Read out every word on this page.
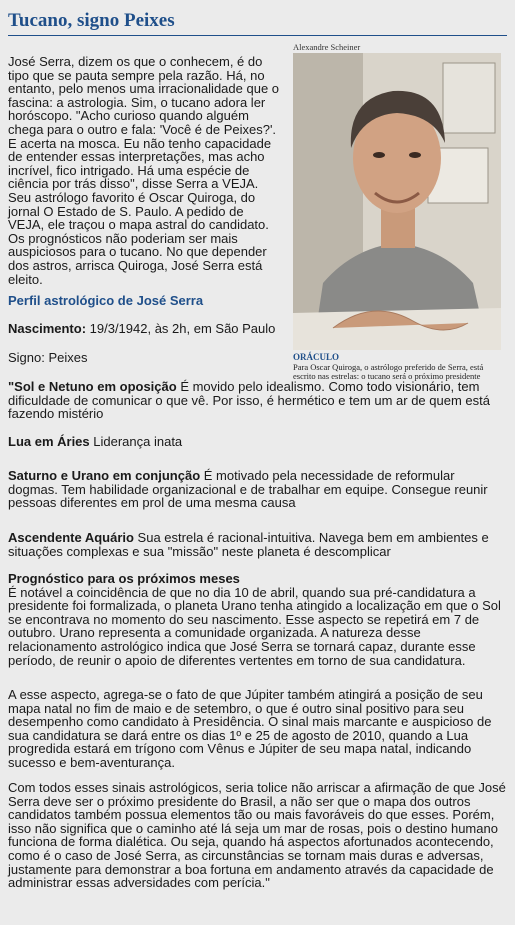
Tucano, signo Peixes

José Serra, dizem os que o conhecem, é do tipo que se pauta sempre pela razão. Há, no entanto, pelo menos uma irracionalidade que o fascina: a astrologia. Sim, o tucano adora ler horóscopo. "Acho curioso quando alguém chega para o outro e fala: 'Você é de Peixes?'. E acerta na mosca. Eu não tenho capacidade de entender essas interpretações, mas acho incrível, fico intrigado. Há uma espécie de ciência por trás disso", disse Serra a VEJA. Seu astrólogo favorito é Oscar Quiroga, do jornal O Estado de S. Paulo. A pedido de VEJA, ele traçou o mapa astral do candidato. Os prognósticos não poderiam ser mais auspiciosos para o tucano. No que depender dos astros, arrisca Quiroga, José Serra está eleito.

Alexandre Scheiner
ORÁCULO
Para Oscar Quiroga, o astrólogo preferido de Serra, está escrito nas estrelas: o tucano será o próximo presidente
Perfil astrológico de José Serra

Nascimento: 19/3/1942, às 2h, em São Paulo

Signo: Peixes

"Sol e Netuno em oposição É movido pelo idealismo. Como todo visionário, tem dificuldade de comunicar o que vê. Por isso, é hermético e tem um ar de quem está fazendo mistério

Lua em Áries Liderança inata

Saturno e Urano em conjunção É motivado pela necessidade de reformular dogmas. Tem habilidade organizacional e de trabalhar em equipe. Consegue reunir pessoas diferentes em prol de uma mesma causa

Ascendente Aquário Sua estrela é racional-intuitiva. Navega bem em ambientes e situações complexas e sua "missão" neste planeta é descomplicar

Prognóstico para os próximos meses
É notável a coincidência de que no dia 10 de abril, quando sua pré-candidatura a presidente foi formalizada, o planeta Urano tenha atingido a localização em que o Sol se encontrava no momento do seu nascimento. Esse aspecto se repetirá em 7 de outubro. Urano representa a comunidade organizada. A natureza desse relacionamento astrológico indica que José Serra se tornará capaz, durante esse período, de reunir o apoio de diferentes vertentes em torno de sua candidatura.

A esse aspecto, agrega-se o fato de que Júpiter também atingirá a posição de seu mapa natal no fim de maio e de setembro, o que é outro sinal positivo para seu desempenho como candidato à Presidência. O sinal mais marcante e auspicioso de sua candidatura se dará entre os dias 1º e 25 de agosto de 2010, quando a Lua progredida estará em trígono com Vênus e Júpiter de seu mapa natal, indicando sucesso e bem-aventurança.

Com todos esses sinais astrológicos, seria tolice não arriscar a afirmação de que José Serra deve ser o próximo presidente do Brasil, a não ser que o mapa dos outros candidatos também possua elementos tão ou mais favoráveis do que esses. Porém, isso não significa que o caminho até lá seja um mar de rosas, pois o destino humano funciona de forma dialética. Ou seja, quando há aspectos afortunados acontecendo, como é o caso de José Serra, as circunstâncias se tornam mais duras e adversas, justamente para demonstrar a boa fortuna em andamento através da capacidade de administrar essas adversidades com perícia."
